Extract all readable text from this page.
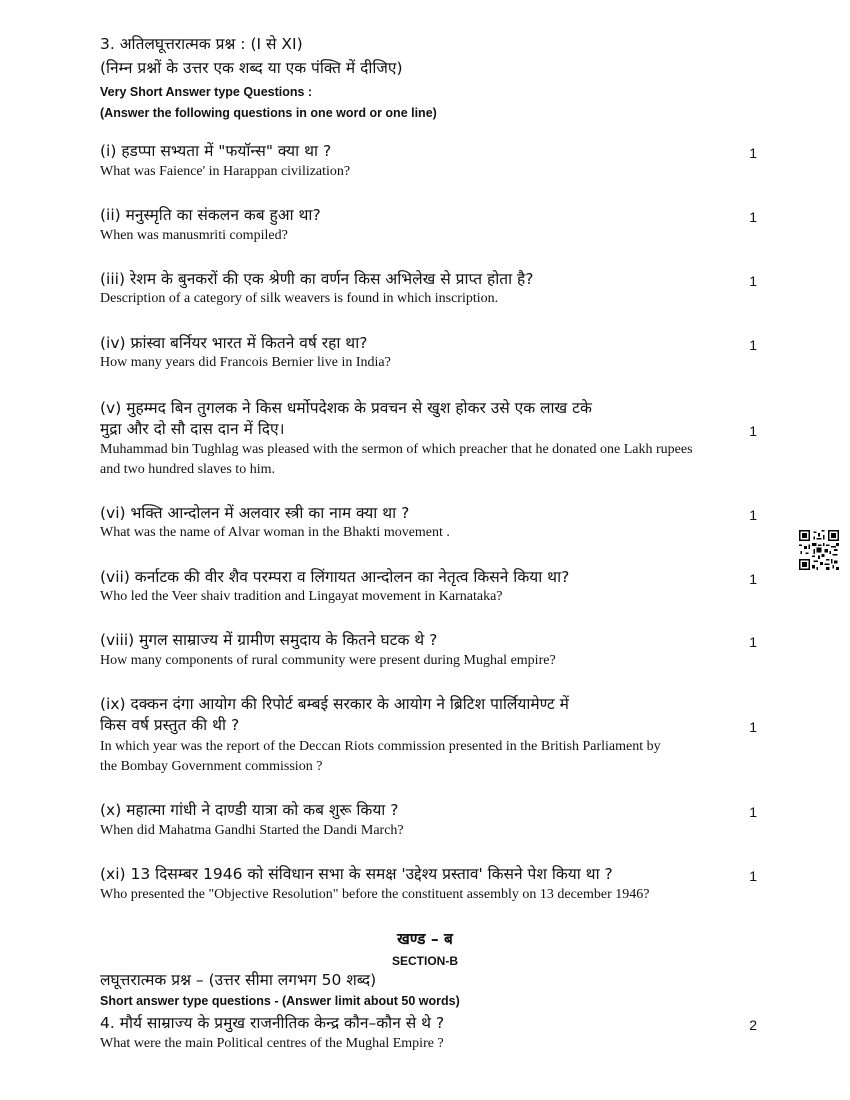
3. अतिलघूत्तरात्मक प्रश्न : (I से XI)
(निम्न प्रश्नों के उत्तर एक शब्द या एक पंक्ति में दीजिए)
Very Short Answer type Questions :
(Answer the following questions in one word or one line)
(i) हडप्पा सभ्यता में "फयॉन्स" क्या था ?	1
What was Faience' in Harappan civilization?
(ii) मनुस्मृति का संकलन कब हुआ था?	1
When was manusmriti compiled?
(iii) रेशम के बुनकरों की एक श्रेणी का वर्णन किस अभिलेख से प्राप्त होता है?	1
Description of a category of silk weavers is found in which inscription.
(iv) फ्रांस्वा बर्नियर भारत में कितने वर्ष रहा था?	1
How many years did Francois Bernier live in India?
(v) मुहम्मद बिन तुगलक ने किस धर्मोपदेशक के प्रवचन से खुश होकर उसे एक लाख टके
मुद्रा और दो सौ दास दान में दिए।	1
Muhammad bin Tughlag was pleased with the sermon of which preacher that he donated one Lakh rupees
and two hundred slaves to him.
(vi) भक्ति आन्दोलन में अलवार स्त्री का नाम क्या था ?	1
What was the name of Alvar woman in the Bhakti movement .
(vii) कर्नाटक की वीर शैव परम्परा व लिंगायत आन्दोलन का नेतृत्व किसने किया था?	1
Who led the Veer shaiv tradition and Lingayat movement in Karnataka?
(viii) मुगल साम्राज्य में ग्रामीण समुदाय के कितने घटक थे ?	1
How many components of rural community were present during Mughal empire?
(ix) दक्कन दंगा आयोग की रिपोर्ट बम्बई सरकार के आयोग ने ब्रिटिश पार्लियामेण्ट में
किस वर्ष प्रस्तुत की थी ?	1
In which year was the report of the Deccan Riots commission presented in the British Parliament by
the Bombay Government commission ?
(x) महात्मा गांधी ने दाण्डी यात्रा को कब शुरू किया ?	1
When did Mahatma Gandhi Started the Dandi March?
(xi) 13 दिसम्बर 1946 को संविधान सभा के समक्ष 'उद्देश्य प्रस्ताव' किसने पेश किया था ?	1
Who presented the "Objective Resolution" before the constituent assembly on 13 december 1946?
खण्ड – ब
SECTION-B
लघूत्तरात्मक प्रश्न – (उत्तर सीमा लगभग 50 शब्द)
Short answer type questions - (Answer limit about 50 words)
4. मौर्य साम्राज्य के प्रमुख राजनीतिक केन्द्र कौन–कौन से थे ?	2
What were the main Political centres of the Mughal Empire ?
